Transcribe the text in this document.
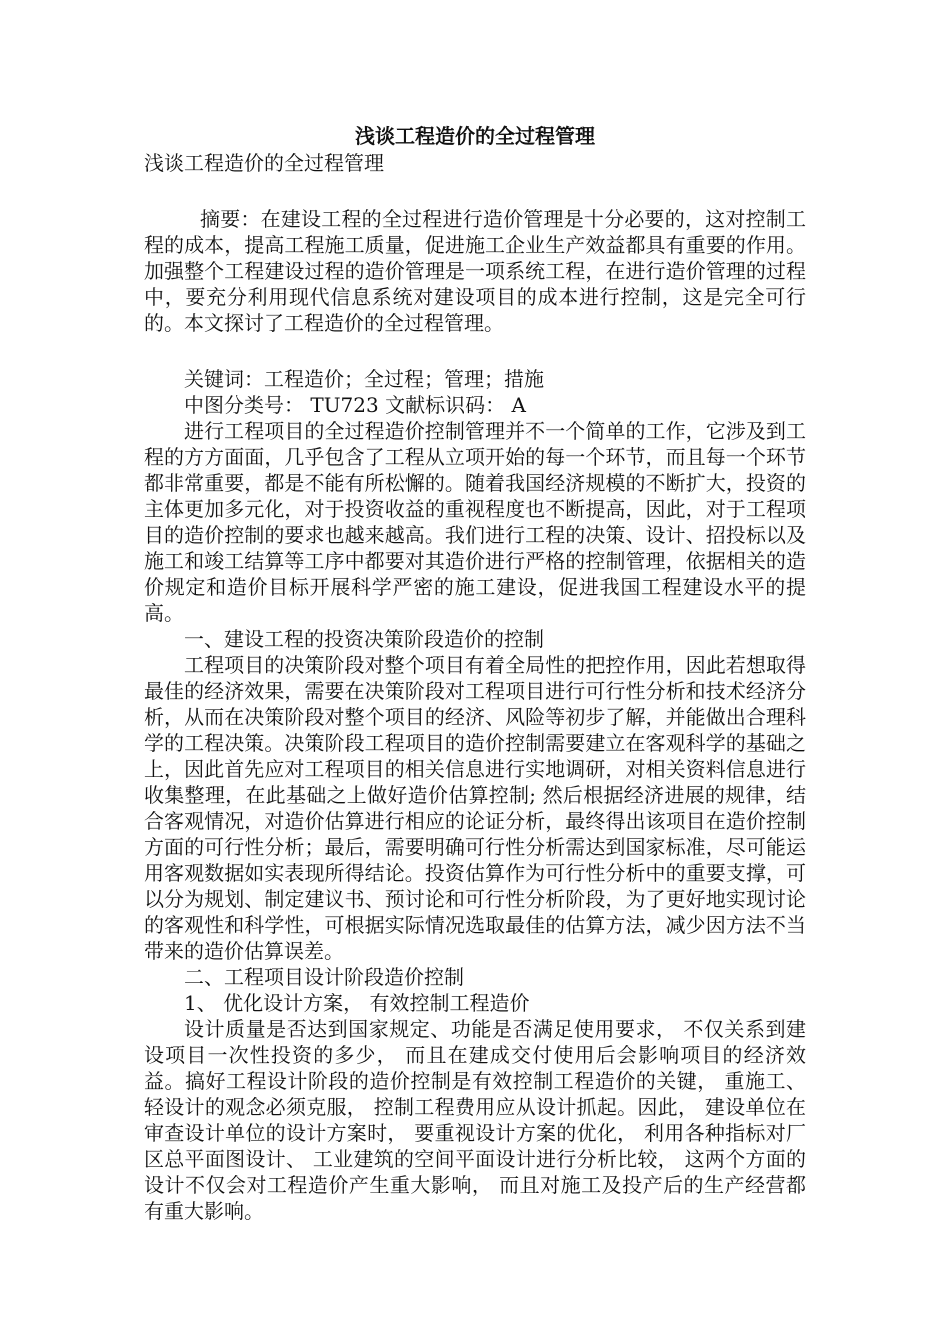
浅谈工程造价的全过程管理

浅谈工程造价的全过程管理

摘要：在建设工程的全过程进行造价管理是十分必要的，这对控制工程的成本，提高工程施工质量，促进施工企业生产效益都具有重要的作用。加强整个工程建设过程的造价管理是一项系统工程，在进行造价管理的过程中，要充分利用现代信息系统对建设项目的成本进行控制，这是完全可行的。本文探讨了工程造价的全过程管理。

关键词：工程造价；全过程；管理；措施

中图分类号： TU723 文献标识码： A

进行工程项目的全过程造价控制管理并不一个简单的工作，它涉及到工程的方方面面，几乎包含了工程从立项开始的每一个环节，而且每一个环节都非常重要，都是不能有所松懈的。随着我国经济规模的不断扩大，投资的主体更加多元化，对于投资收益的重视程度也不断提高，因此，对于工程项目的造价控制的要求也越来越高。我们进行工程的决策、设计、招投标以及施工和竣工结算等工序中都要对其造价进行严格的控制管理，依据相关的造价规定和造价目标开展科学严密的施工建设，促进我国工程建设水平的提高。

一、建设工程的投资决策阶段造价的控制

工程项目的决策阶段对整个项目有着全局性的把控作用，因此若想取得最佳的经济效果，需要在决策阶段对工程项目进行可行性分析和技术经济分析，从而在决策阶段对整个项目的经济、风险等初步了解，并能做出合理科学的工程决策。决策阶段工程项目的造价控制需要建立在客观科学的基础之上，因此首先应对工程项目的相关信息进行实地调研，对相关资料信息进行收集整理，在此基础之上做好造价估算控制; 然后根据经济进展的规律，结合客观情况，对造价估算进行相应的论证分析，最终得出该项目在造价控制方面的可行性分析；最后，需要明确可行性分析需达到国家标准，尽可能运用客观数据如实表现所得结论。投资估算作为可行性分析中的重要支撑，可以分为规划、制定建议书、预讨论和可行性分析阶段，为了更好地实现讨论的客观性和科学性，可根据实际情况选取最佳的估算方法，减少因方法不当带来的造价估算误差。

二、工程项目设计阶段造价控制

1、 优化设计方案， 有效控制工程造价

设计质量是否达到国家规定、功能是否满足使用要求， 不仅关系到建设项目一次性投资的多少， 而且在建成交付使用后会影响项目的经济效益。搞好工程设计阶段的造价控制是有效控制工程造价的关键， 重施工、 轻设计的观念必须克服， 控制工程费用应从设计抓起。因此， 建设单位在审查设计单位的设计方案时， 要重视设计方案的优化， 利用各种指标对厂区总平面图设计、 工业建筑的空间平面设计进行分析比较， 这两个方面的设计不仅会对工程造价产生重大影响， 而且对施工及投产后的生产经营都有重大影响。
